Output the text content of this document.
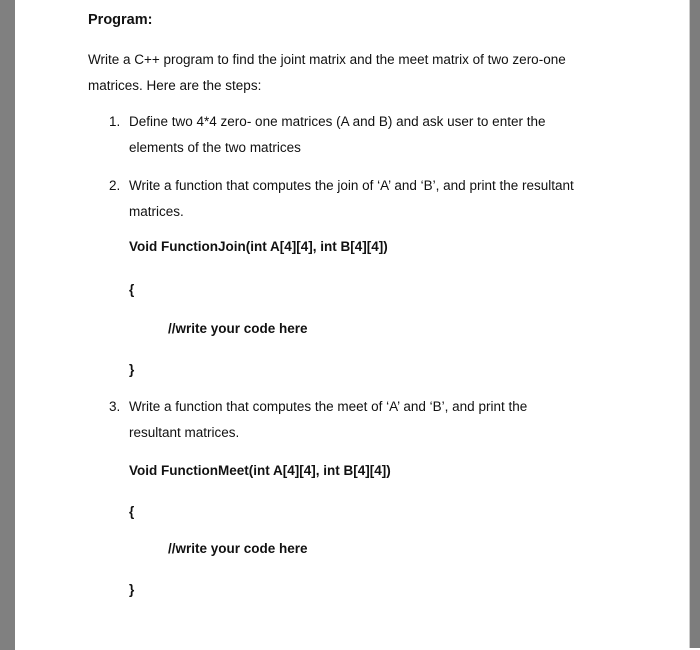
Program:
Write a C++ program to find the joint matrix and the meet matrix of two zero-one
matrices. Here are the steps:
1. Define two 4*4 zero- one matrices (A and B) and ask user to enter the
elements of the two matrices
2. Write a function that computes the join of ‘A’ and ‘B’, and print the resultant
matrices.
Void FunctionJoin(int A[4][4], int B[4][4])
{
//write your code here
}
3. Write a function that computes the meet of ‘A’ and ‘B’, and print the
resultant matrices.
Void FunctionMeet(int A[4][4], int B[4][4])
{
//write your code here
}
